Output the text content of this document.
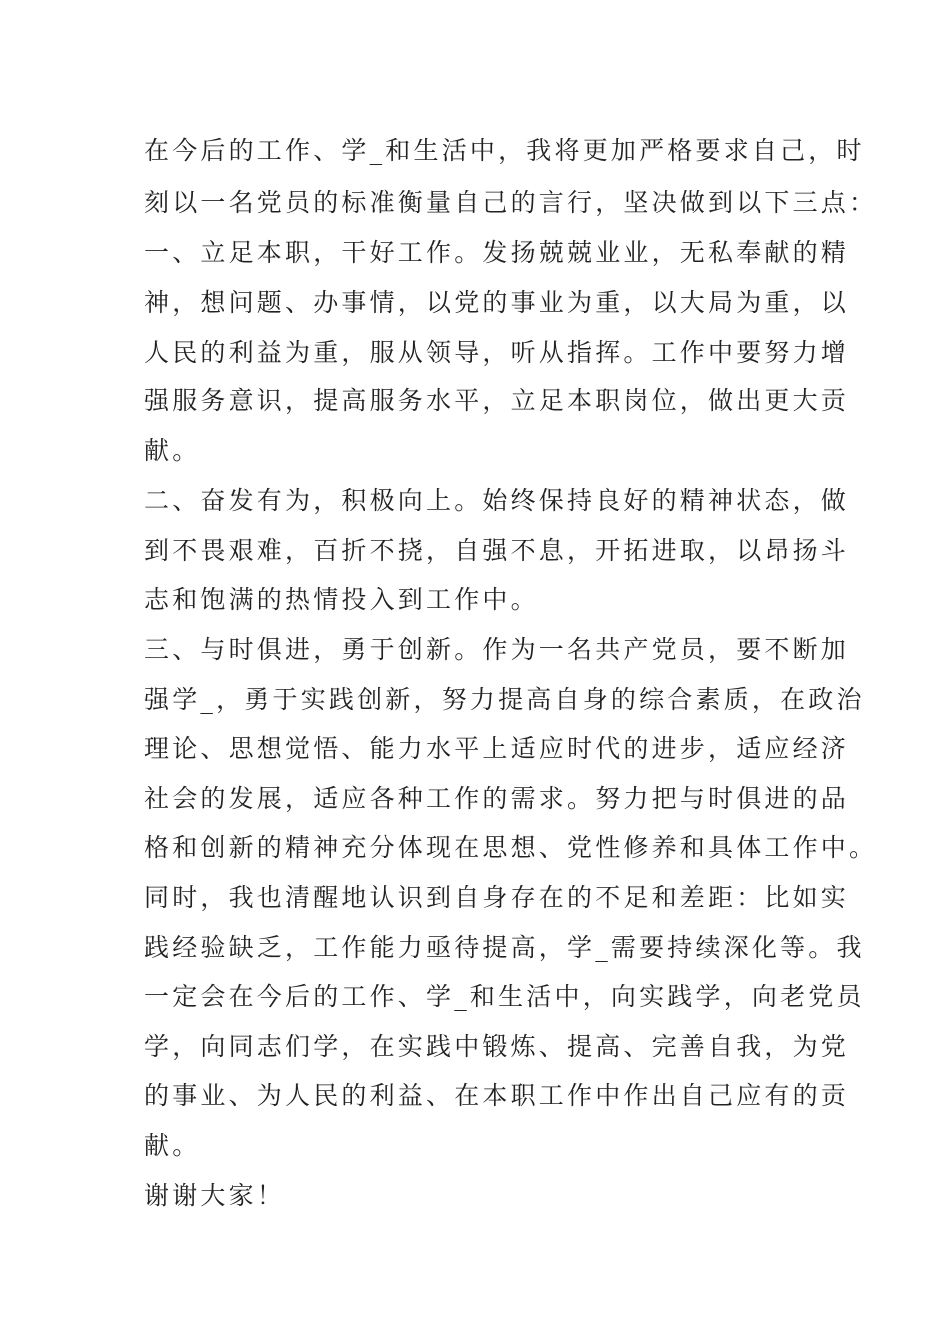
在今后的工作、学_和生活中，我将更加严格要求自己，时
刻以一名党员的标准衡量自己的言行，坚决做到以下三点：
一、立足本职，干好工作。发扬兢兢业业，无私奉献的精
神，想问题、办事情，以党的事业为重，以大局为重，以
人民的利益为重，服从领导，听从指挥。工作中要努力增
强服务意识，提高服务水平，立足本职岗位，做出更大贡
献。
二、奋发有为，积极向上。始终保持良好的精神状态，做
到不畏艰难，百折不挠，自强不息，开拓进取，以昂扬斗
志和饱满的热情投入到工作中。
三、与时俱进，勇于创新。作为一名共产党员，要不断加
强学_，勇于实践创新，努力提高自身的综合素质，在政治
理论、思想觉悟、能力水平上适应时代的进步，适应经济
社会的发展，适应各种工作的需求。努力把与时俱进的品
格和创新的精神充分体现在思想、党性修养和具体工作中。
同时，我也清醒地认识到自身存在的不足和差距：比如实
践经验缺乏，工作能力亟待提高，学_需要持续深化等。我
一定会在今后的工作、学_和生活中，向实践学，向老党员
学，向同志们学，在实践中锻炼、提高、完善自我，为党
的事业、为人民的利益、在本职工作中作出自己应有的贡
献。
谢谢大家！
